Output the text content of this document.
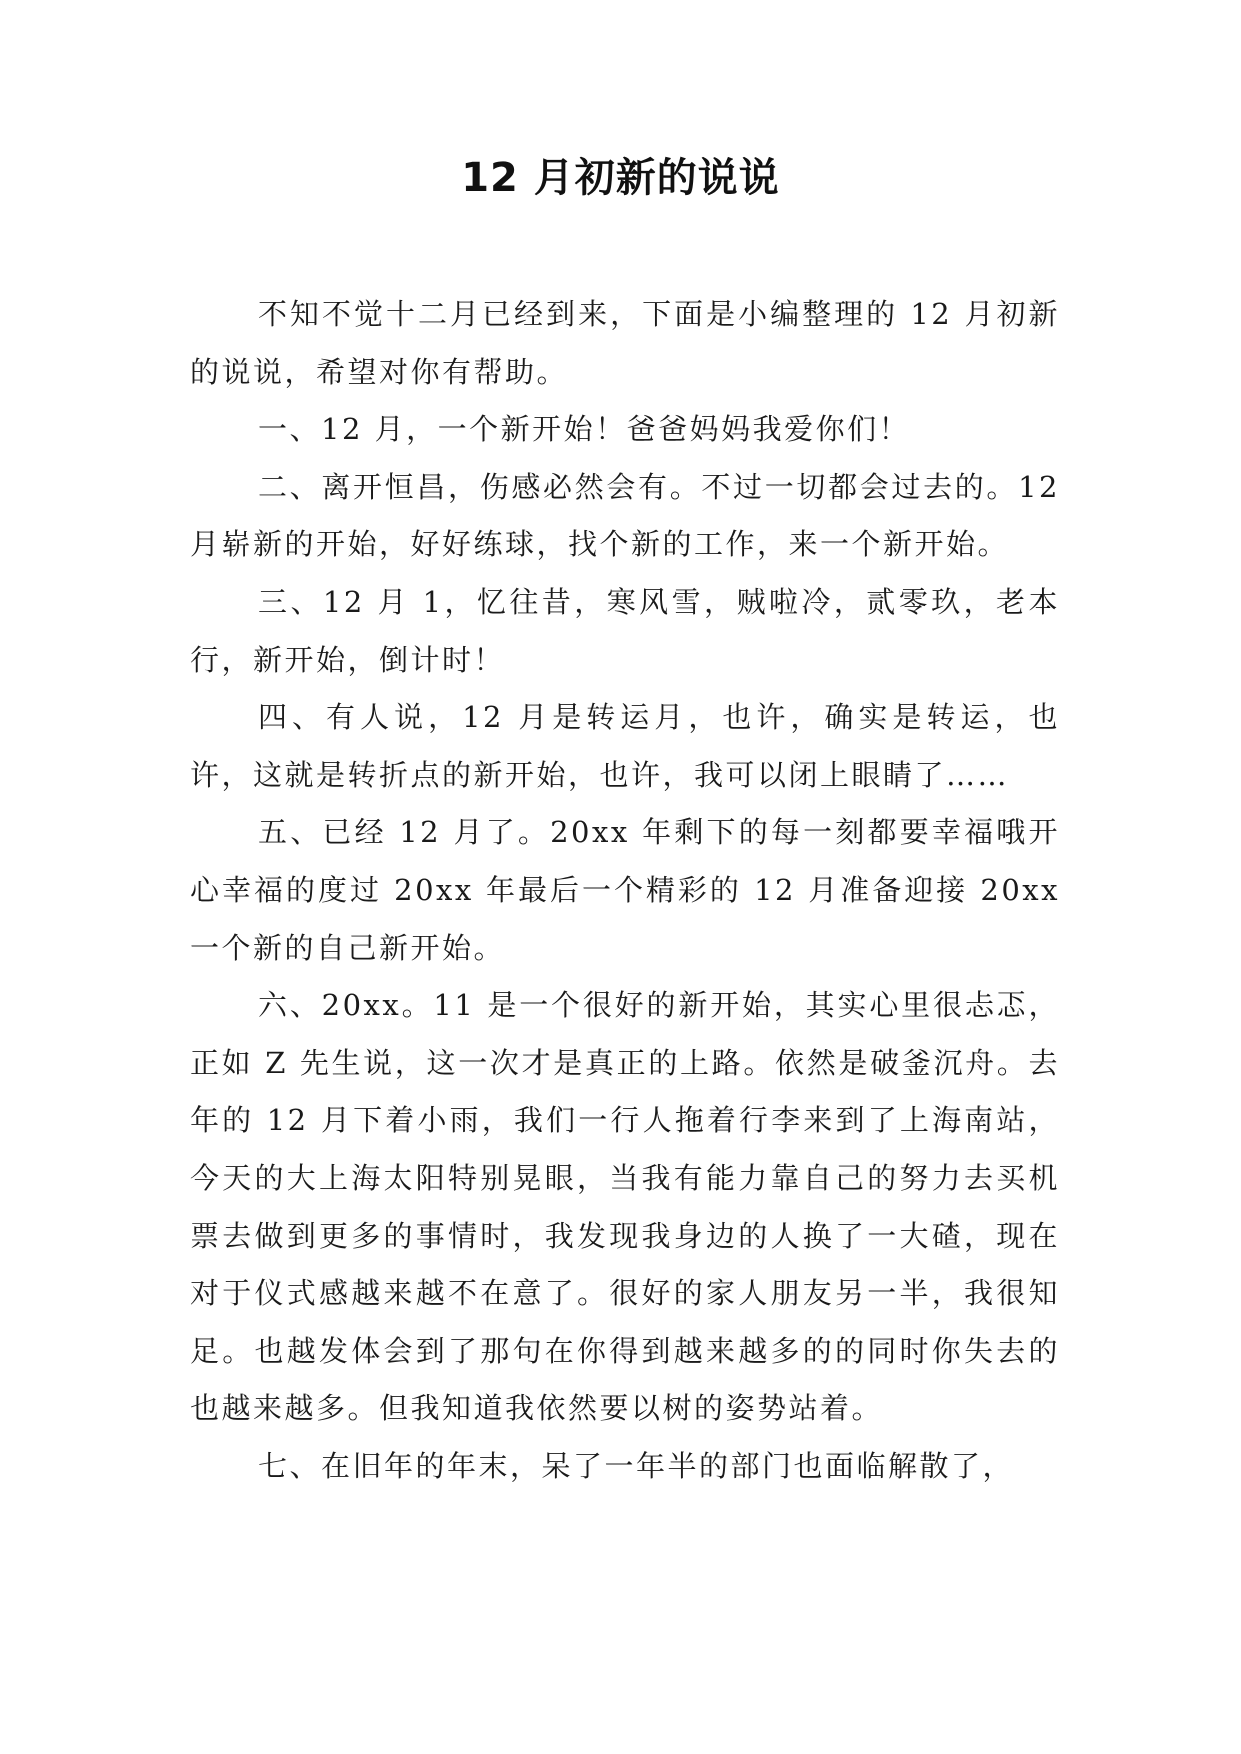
12 月初新的说说

不知不觉十二月已经到来，下面是小编整理的 12 月初新的说说，希望对你有帮助。

一、12 月，一个新开始！爸爸妈妈我爱你们！

二、离开恒昌，伤感必然会有。不过一切都会过去的。12 月崭新的开始，好好练球，找个新的工作，来一个新开始。

三、12 月 1，忆往昔，寒风雪，贼啦冷，贰零玖，老本行，新开始，倒计时！

四、有人说，12 月是转运月，也许，确实是转运，也许，这就是转折点的新开始，也许，我可以闭上眼睛了……

五、已经 12 月了。20xx 年剩下的每一刻都要幸福哦开心幸福的度过 20xx 年最后一个精彩的 12 月准备迎接 20xx 一个新的自己新开始。

六、20xx。11 是一个很好的新开始，其实心里很忐忑，正如 Z 先生说，这一次才是真正的上路。依然是破釜沉舟。去年的 12 月下着小雨，我们一行人拖着行李来到了上海南站，今天的大上海太阳特别晃眼，当我有能力靠自己的努力去买机票去做到更多的事情时，我发现我身边的人换了一大碴，现在对于仪式感越来越不在意了。很好的家人朋友另一半，我很知足。也越发体会到了那句在你得到越来越多的的同时你失去的也越来越多。但我知道我依然要以树的姿势站着。

七、在旧年的年末，呆了一年半的部门也面临解散了，
